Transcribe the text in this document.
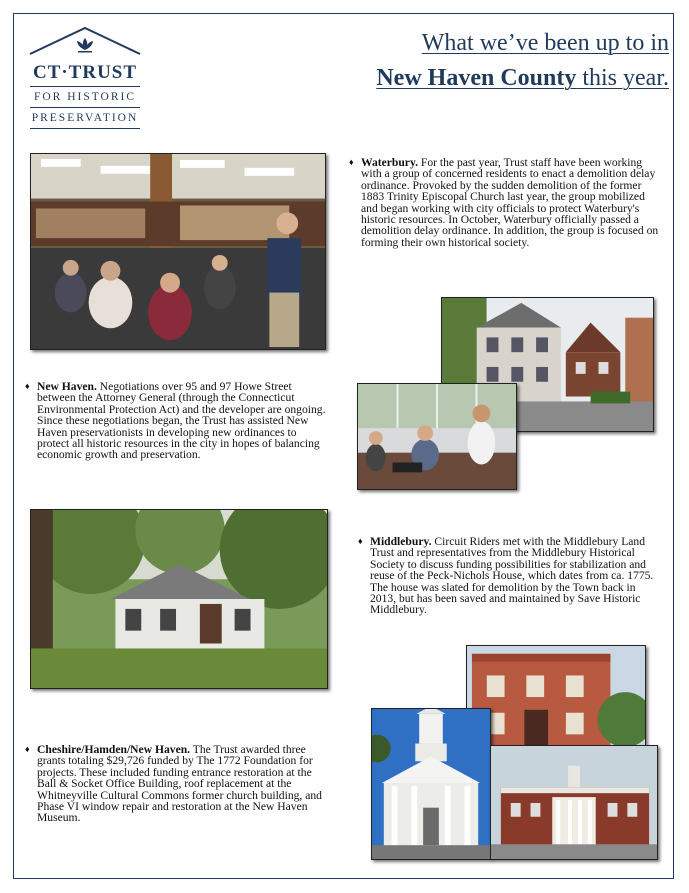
CT·TRUST
FOR HISTORIC
PRESERVATION
What we’ve been up to in
New Haven County this year.
♦ Waterbury. For the past year, Trust staff have been working with a group of concerned residents to enact a demolition delay ordinance. Provoked by the sudden demolition of the former 1883 Trinity Episcopal Church last year, the group mobilized and began working with city officials to protect Waterbury's historic resources. In October, Waterbury officially passed a demolition delay ordinance. In addition, the group is focused on forming their own historical society.
♦ New Haven. Negotiations over 95 and 97 Howe Street between the Attorney General (through the Connecticut Environmental Protection Act) and the developer are ongoing. Since these negotiations began, the Trust has assisted New Haven preservationists in developing new ordinances to protect all historic resources in the city in hopes of balancing economic growth and preservation.
♦ Middlebury. Circuit Riders met with the Middlebury Land Trust and representatives from the Middlebury Historical Society to discuss funding possibilities for stabilization and reuse of the Peck-Nichols House, which dates from ca. 1775. The house was slated for demolition by the Town back in 2013, but has been saved and maintained by Save Historic Middlebury.
♦ Cheshire/Hamden/New Haven. The Trust awarded three grants totaling $29,726 funded by The 1772 Foundation for projects. These included funding entrance restoration at the Ball & Socket Office Building, roof replacement at the Whitneyville Cultural Commons former church building, and Phase VI window repair and restoration at the New Haven Museum.
